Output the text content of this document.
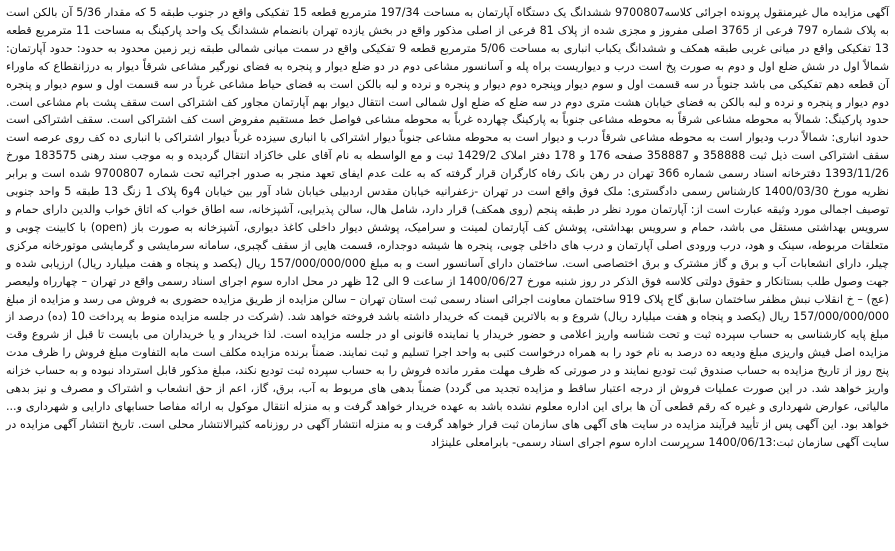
آگهی مزایده مال غیرمنقول پرونده اجرائی کلاسه9700807 ششدانگ یک دستگاه آپارتمان به مساحت 197/34 مترمربع قطعه 15 تفکیکی واقع در جنوب طبقه 5 که مقدار 5/36 آن بالکن است به پلاک شماره 797 فرعی از 3765 اصلی مفروز و مجزی شده از پلاک 81 فرعی از اصلی مذکور واقع در بخش یازده تهران بانضمام ششدانگ یک واحد پارکینگ به مساحت 11 مترمربع قطعه 13 تفکیکی واقع در میانی غربی طبقه همکف و ششدانگ یکباب انباری به مساحت 5/06 مترمربع قطعه 9 تفکیکی واقع در سمت میانی شمالی طبقه زیر زمین محدود به حدود: حدود آپارتمان: شمالاً اول در شش ضلع اول و دوم به صورت پخ است درب و دیواریست براه پله و آسانسور مشاعی دوم در دو ضلع دیوار و پنجره به فضای نورگیر مشاعی شرقاً دیوار به درزانقطاع که ماوراء آن قطعه دهم تفکیکی می باشد جنوباً در سه قسمت اول و سوم دیوار وپنجره دوم دیوار و پنجره و نرده و لبه بالکن است به فضای حیاط مشاعی غرباً در سه قسمت اول و سوم دیوار و پنجره دوم دیوار و پنجره و نرده و لبه بالکن به فضای خیابان هشت متری دوم در سه ضلع که ضلع اول شمالی است انتقال دیوار بهم آپارتمان مجاور کف اشتراکی است سقف پشت بام مشاعی است. حدود پارکینگ: شمالاً به محوطه مشاعی شرقاً به محوطه مشاعی جنوباً به پارکینگ چهارده غرباً به محوطه مشاعی فواصل خط مستقیم مفروض است کف اشتراکی است. سقف اشتراکی است حدود انباری: شمالاً درب ودیوار است به محوطه مشاعی شرقاً درب و دیوار است به محوطه مشاعی جنوباً دیوار اشتراکی با انباری سیزده غرباً دیوار اشتراکی با انباری ده کف روی عرصه است سقف اشتراکی است ذیل ثبت 358888 و 358887 صفحه 176 و 178 دفتر املاک 1429/2 ثبت و مع الواسطه به نام آقای علی خاکزاد انتقال گردیده و به موجب سند رهنی 183575 مورخ 1393/11/26 دفترخانه اسناد رسمی شماره 366 تهران در رهن بانک رفاه کارگران قرار گرفته که به علت عدم ایفای تعهد منجر به صدور اجرائیه تحت شماره 9700807 شده است و برابر نظریه مورخ 1400/03/30 کارشناس رسمی دادگستری: ملک فوق واقع است در تهران -زعفرانیه خیابان مقدس اردبیلی خیابان شاد آور بین خیابان 4و6 پلاک 1 زنگ 13 طبقه 5 واحد جنوبی توصیف اجمالی مورد وثیقه عبارت است از: آپارتمان مورد نظر در طبقه پنجم (روی همکف) قرار دارد، شامل هال، سالن پذیرایی، آشپزخانه، سه اطاق خواب که اتاق خواب والدین دارای حمام و سرویس بهداشتی مستقل می باشد، حمام و سرویس بهداشتی، پوشش کف آپارتمان لمینت و سرامیک، پوشش دیوار داخلی کاغذ دیواری، آشپزخانه به صورت باز (open) با کابینت چوبی و متعلقات مربوطه، سینک و هود، درب ورودی اصلی آپارتمان و درب های داخلی چوبی، پنجره ها شیشه دوجداره، قسمت هایی از سقف گچبری، سامانه سرمایشی و گرمایشی موتورخانه مرکزی چیلر، دارای انشعابات آب و برق و گاز مشترک و برق اختصاصی است. ساختمان دارای آسانسور است و به مبلغ 157/000/000/000 ریال (یکصد و پنجاه و هفت میلیارد ریال) ارزیابی شده و جهت وصول طلب بستانکار و حقوق دولتی کلاسه فوق الذکر در روز شنبه مورخ 1400/06/27 از ساعت 9 الی 12 ظهر در محل اداره سوم اجرای اسناد رسمی واقع در تهران – چهارراه ولیعصر (عج) – خ انقلاب نبش مظفر ساختمان سابق گاج پلاک 919 ساختمان معاونت اجرائی اسناد رسمی ثبت استان تهران – سالن مزایده از طریق مزایده حضوری به فروش می رسد و مزایده از مبلغ 157/000/000/000 ریال (یکصد و پنجاه و هفت میلیارد ریال) شروع و به بالاترین قیمت که خریدار داشته باشد فروخته خواهد شد. (شرکت در جلسه مزایده منوط به پرداخت 10 (ده) درصد از مبلغ پایه کارشناسی به حساب سپرده ثبت و تحت شناسه واریز اعلامی و حضور خریدار یا نماینده قانونی او در جلسه مزایده است. لذا خریدار و یا خریداران می بایست تا قبل از شروع وقت مزایده اصل فیش واریزی مبلغ ودیعه ده درصد به نام خود را به همراه درخواست کتبی به واحد اجرا تسلیم و ثبت نمایند. ضمناً برنده مزایده مکلف است مابه التفاوت مبلغ فروش را ظرف مدت پنج روز از تاریخ مزایده به حساب صندوق ثبت تودیع نمایند و در صورتی که ظرف مهلت مقرر مانده فروش را به حساب سپرده ثبت تودیع نکند، مبلغ مذکور قابل استرداد نبوده و به حساب خزانه واریز خواهد شد. در این صورت عملیات فروش از درجه اعتبار ساقط و مزایده تجدید می گردد) ضمناً بدهی های مربوط به آب، برق، گاز، اعم از حق انشعاب و اشتراک و مصرف و نیز بدهی مالیاتی، عوارض شهرداری و غیره که رقم قطعی آن ها برای این اداره معلوم نشده باشد به عهده خریدار خواهد گرفت و به منزله انتقال موکول به ارائه مفاصا حسابهای دارایی و شهرداری و... خواهد بود. این آگهی پس از تأیید فرآیند مزایده در سایت های آگهی های سازمان ثبت قرار خواهد گرفت و به منزله انتشار آگهی در روزنامه کثیرالانتشار محلی است. تاریخ انتشار آگهی مزایده در سایت آگهی سازمان ثبت:1400/06/13 سرپرست اداره سوم اجرای اسناد رسمی- بابرامعلی علینژاد
